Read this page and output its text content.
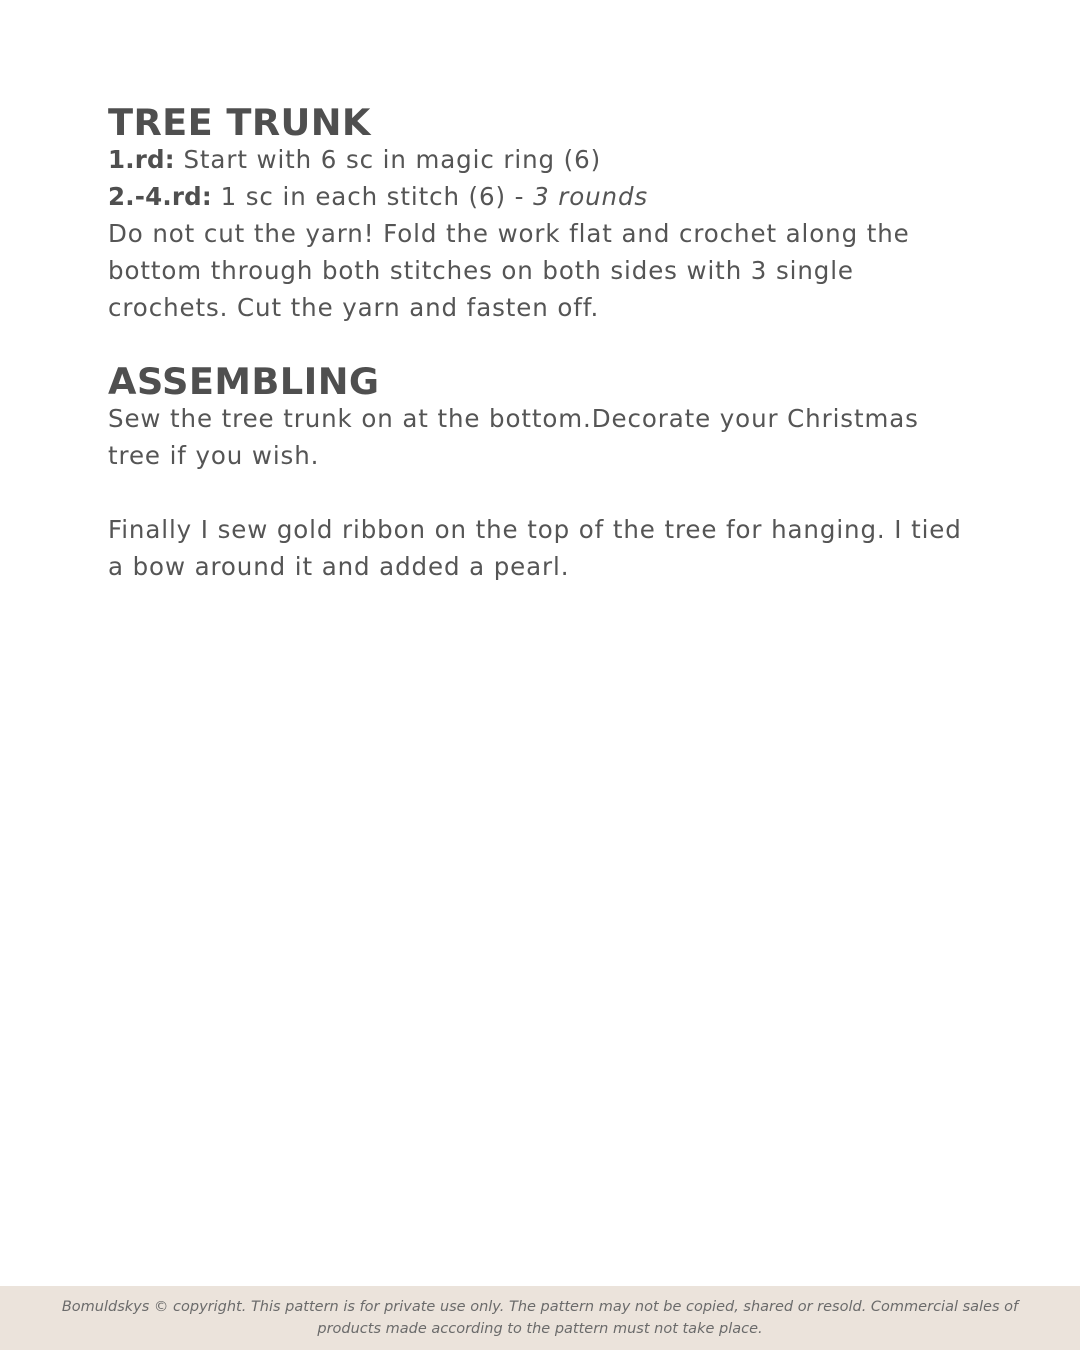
TREE TRUNK

1.rd: Start with 6 sc in magic ring (6)

2.-4.rd: 1 sc in each stitch (6) - 3 rounds

Do not cut the yarn! Fold the work flat and crochet along the bottom through both stitches on both sides with 3 single crochets. Cut the yarn and fasten off.

ASSEMBLING

Sew the tree trunk on at the bottom.Decorate your Christmas tree if you wish.

Finally I sew gold ribbon on the top of the tree for hanging. I tied a bow around it and added a pearl.

Bomuldskys © copyright. This pattern is for private use only. The pattern may not be copied, shared or resold. Commercial sales of products made according to the pattern must not take place.
